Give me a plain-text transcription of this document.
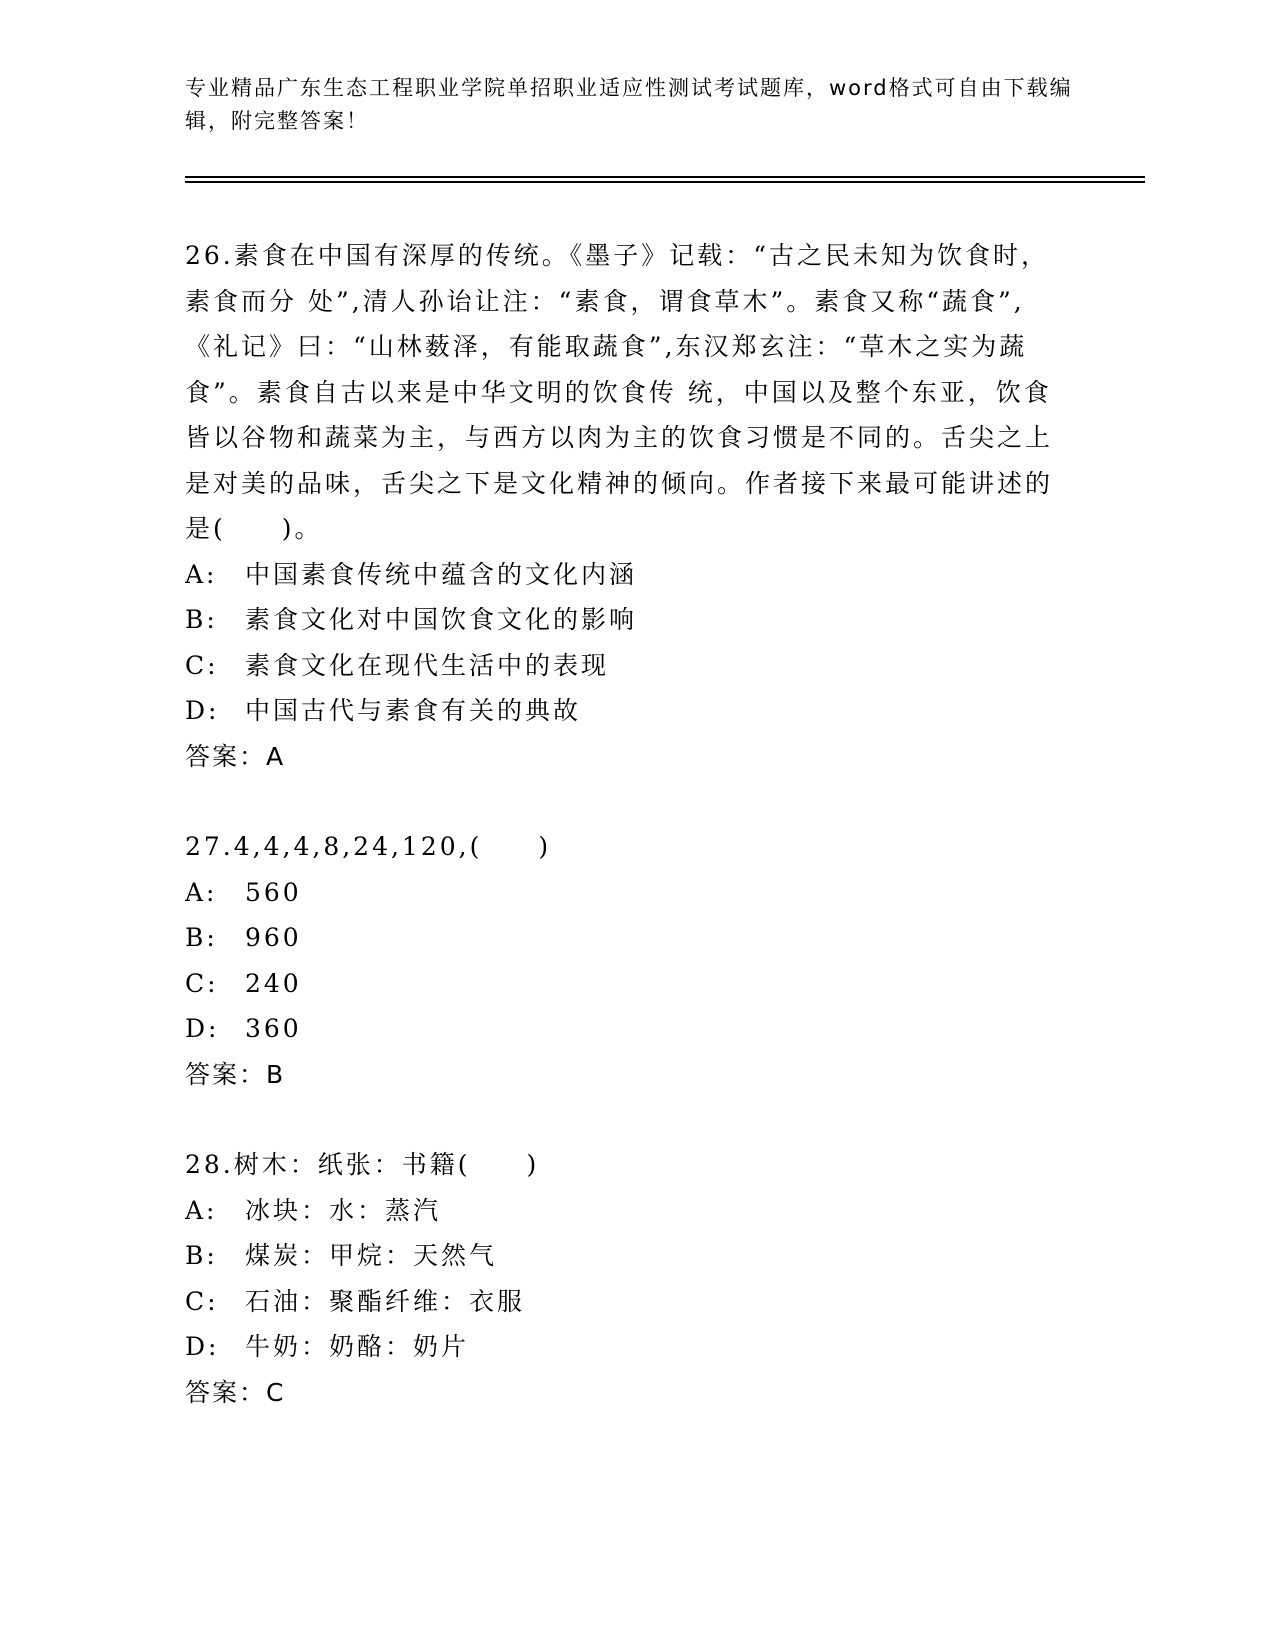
专业精品广东生态工程职业学院单招职业适应性测试考试题库，word格式可自由下载编辑，附完整答案！

26.素食在中国有深厚的传统。《墨子》记载：“古之民未知为饮食时，素食而分 处”,清人孙诒让注：“素食，谓食草木”。素食又称“蔬食”,《礼记》曰：“山林薮泽，有能取蔬食”,东汉郑玄注：“草木之实为蔬食”。素食自古以来是中华文明的饮食传 统，中国以及整个东亚，饮食皆以谷物和蔬菜为主，与西方以肉为主的饮食习惯是不同的。舌尖之上是对美的品味，舌尖之下是文化精神的倾向。作者接下来最可能讲述的是(　　)。

A: 中国素食传统中蕴含的文化内涵
B: 素食文化对中国饮食文化的影响
C: 素食文化在现代生活中的表现
D: 中国古代与素食有关的典故
答案：A

27.4,4,4,8,24,120,(　　)

A: 560
B: 960
C: 240
D: 360
答案：B

28.树木：纸张：书籍(　　)

A: 冰块：水：蒸汽
B: 煤炭：甲烷：天然气
C: 石油：聚酯纤维：衣服
D: 牛奶：奶酪：奶片
答案：C
